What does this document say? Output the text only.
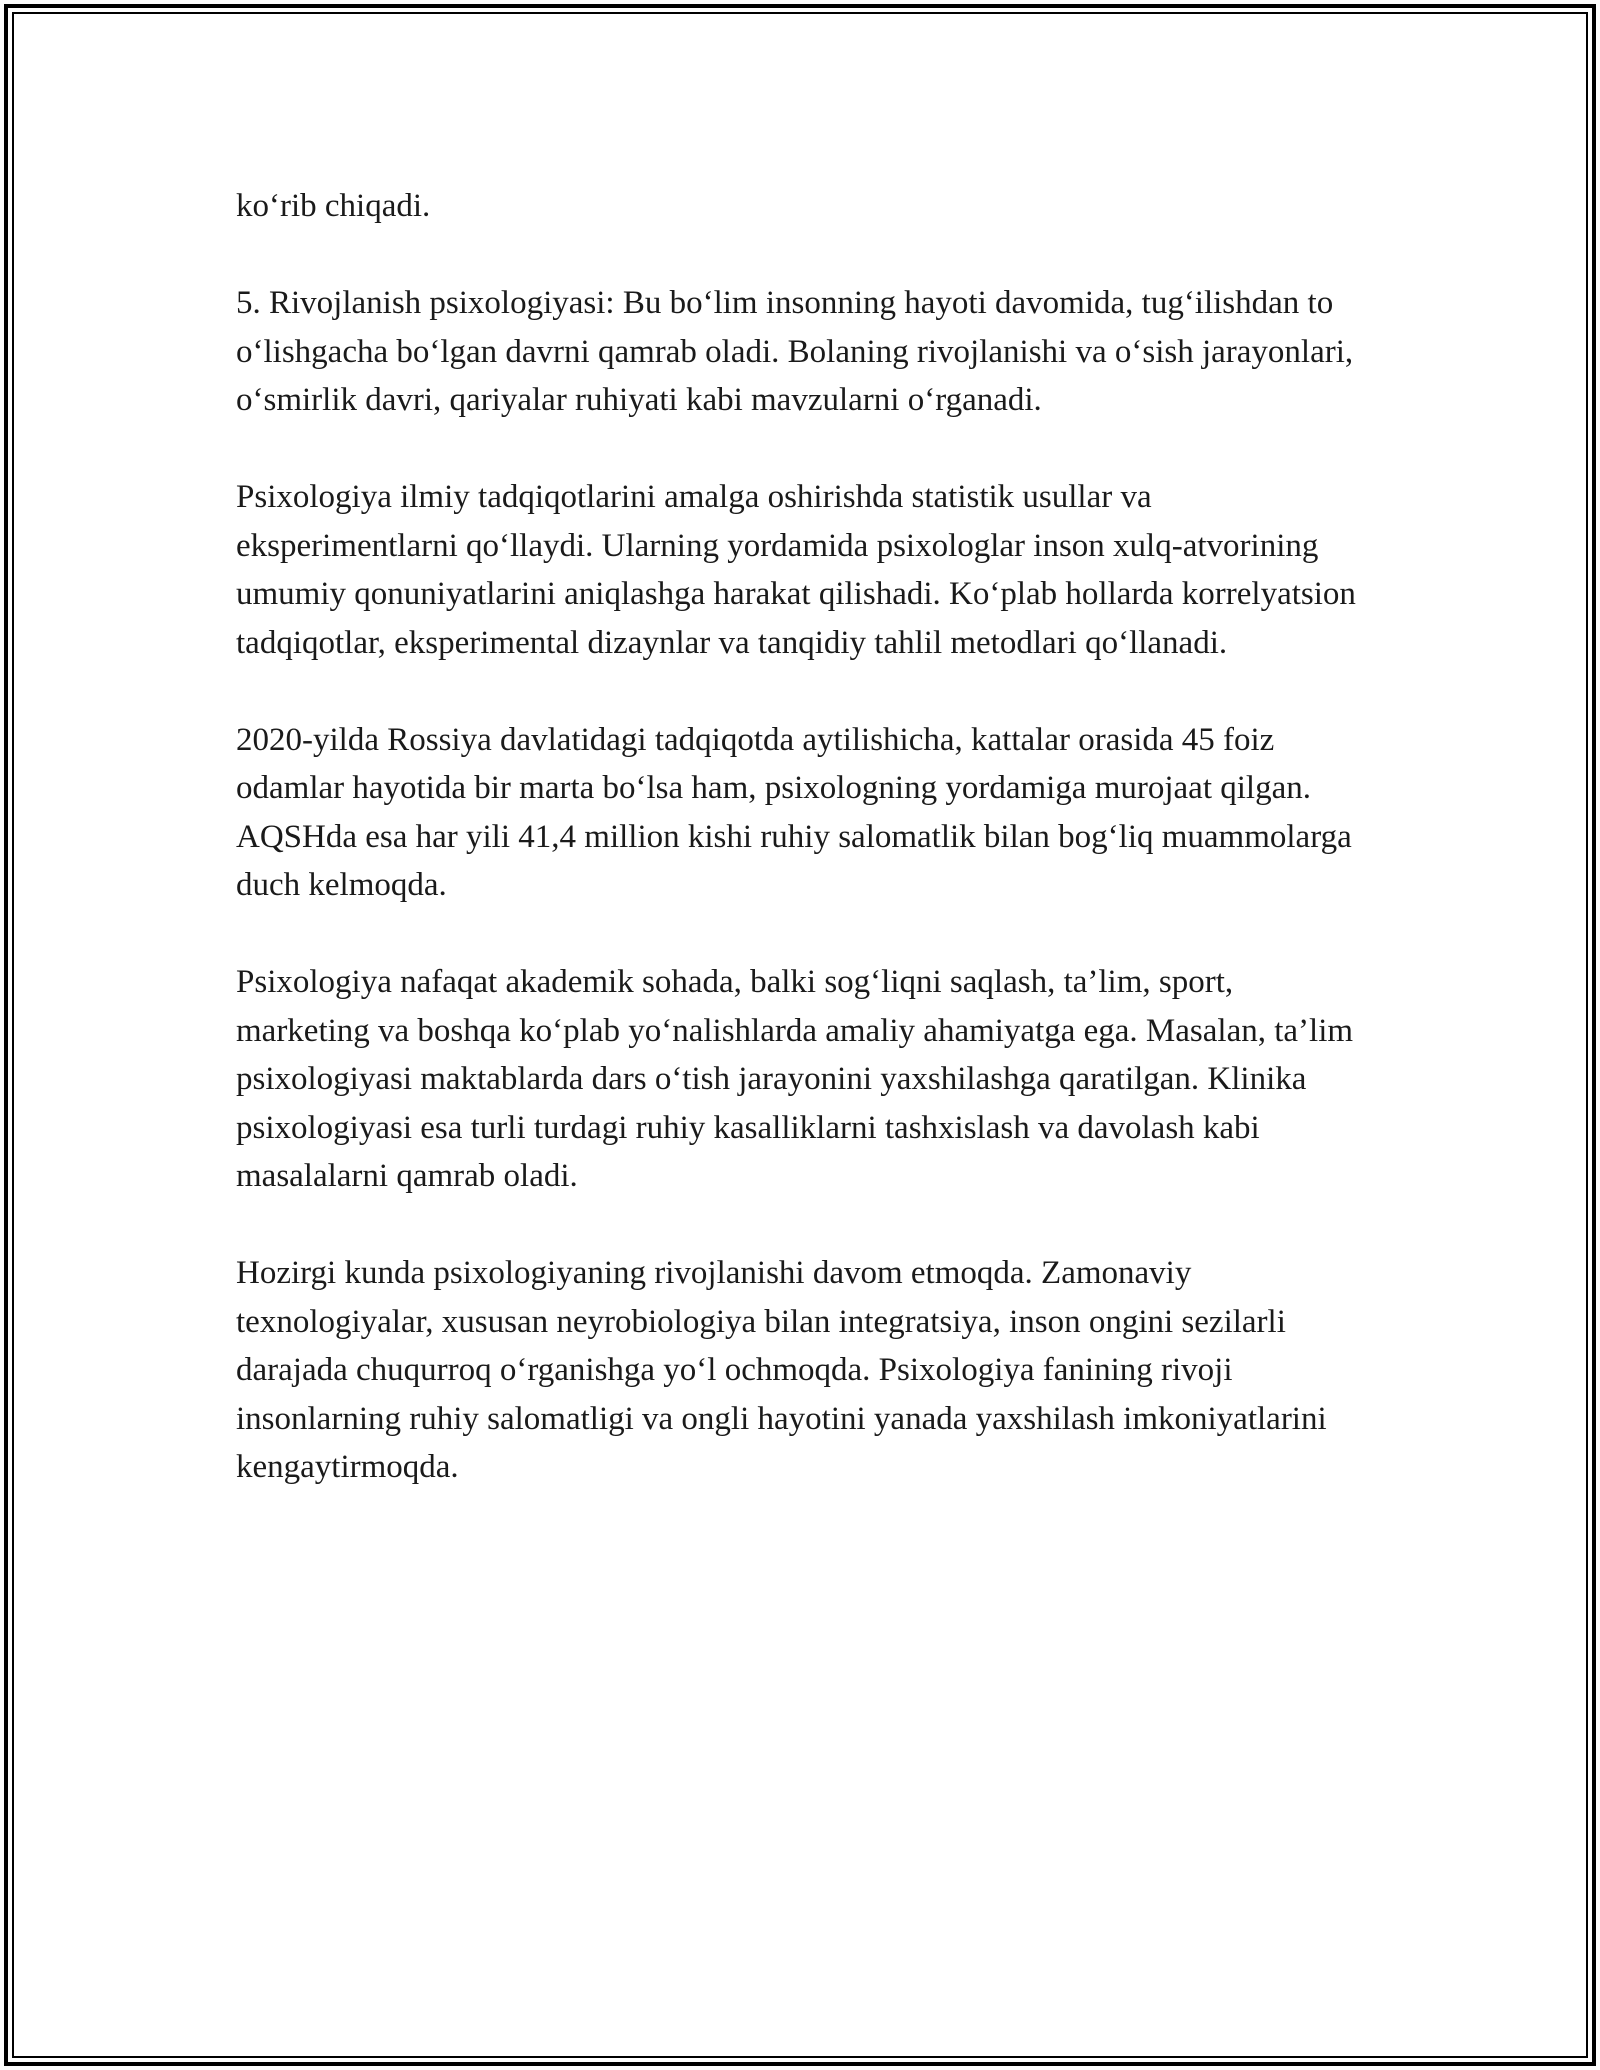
ko‘rib chiqadi.

5. Rivojlanish psixologiyasi: Bu bo‘lim insonning hayoti davomida, tug‘ilishdan to o‘lishgacha bo‘lgan davrni qamrab oladi. Bolaning rivojlanishi va o‘sish jarayonlari, o‘smirlik davri, qariyalar ruhiyati kabi mavzularni o‘rganadi.

Psixologiya ilmiy tadqiqotlarini amalga oshirishda statistik usullar va eksperimentlarni qo‘llaydi. Ularning yordamida psixologlar inson xulq-atvorining umumiy qonuniyatlarini aniqlashga harakat qilishadi. Ko‘plab hollarda korrelyatsion tadqiqotlar, eksperimental dizaynlar va tanqidiy tahlil metodlari qo‘llanadi.

2020-yilda Rossiya davlatidagi tadqiqotda aytilishicha, kattalar orasida 45 foiz odamlar hayotida bir marta bo‘lsa ham, psixologning yordamiga murojaat qilgan. AQSHda esa har yili 41,4 million kishi ruhiy salomatlik bilan bog‘liq muammolarga duch kelmoqda.

Psixologiya nafaqat akademik sohada, balki sog‘liqni saqlash, ta’lim, sport, marketing va boshqa ko‘plab yo‘nalishlarda amaliy ahamiyatga ega. Masalan, ta’lim psixologiyasi maktablarda dars o‘tish jarayonini yaxshilashga qaratilgan. Klinika psixologiyasi esa turli turdagi ruhiy kasalliklarni tashxislash va davolash kabi masalalarni qamrab oladi.

Hozirgi kunda psixologiyaning rivojlanishi davom etmoqda. Zamonaviy texnologiyalar, xususan neyrobiologiya bilan integratsiya, inson ongini sezilarli darajada chuqurroq o‘rganishga yo‘l ochmoqda. Psixologiya fanining rivoji insonlarning ruhiy salomatligi va ongli hayotini yanada yaxshilash imkoniyatlarini kengaytirmoqda.
